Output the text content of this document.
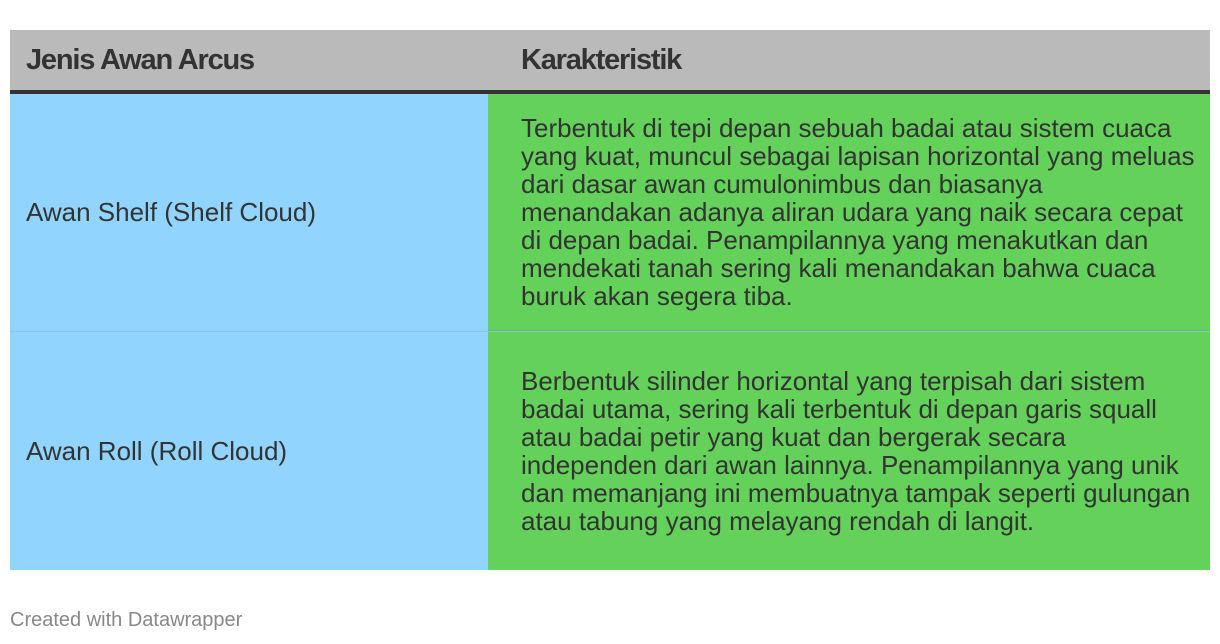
Jenis Awan Arcus	Karakteristik
Awan Shelf (Shelf Cloud)
Terbentuk di tepi depan sebuah badai atau sistem cuaca yang kuat, muncul sebagai lapisan horizontal yang meluas dari dasar awan cumulonimbus dan biasanya menandakan adanya aliran udara yang naik secara cepat di depan badai. Penampilannya yang menakutkan dan mendekati tanah sering kali menandakan bahwa cuaca buruk akan segera tiba.
Awan Roll (Roll Cloud)
Berbentuk silinder horizontal yang terpisah dari sistem badai utama, sering kali terbentuk di depan garis squall atau badai petir yang kuat dan bergerak secara independen dari awan lainnya. Penampilannya yang unik dan memanjang ini membuatnya tampak seperti gulungan atau tabung yang melayang rendah di langit.
Created with Datawrapper
